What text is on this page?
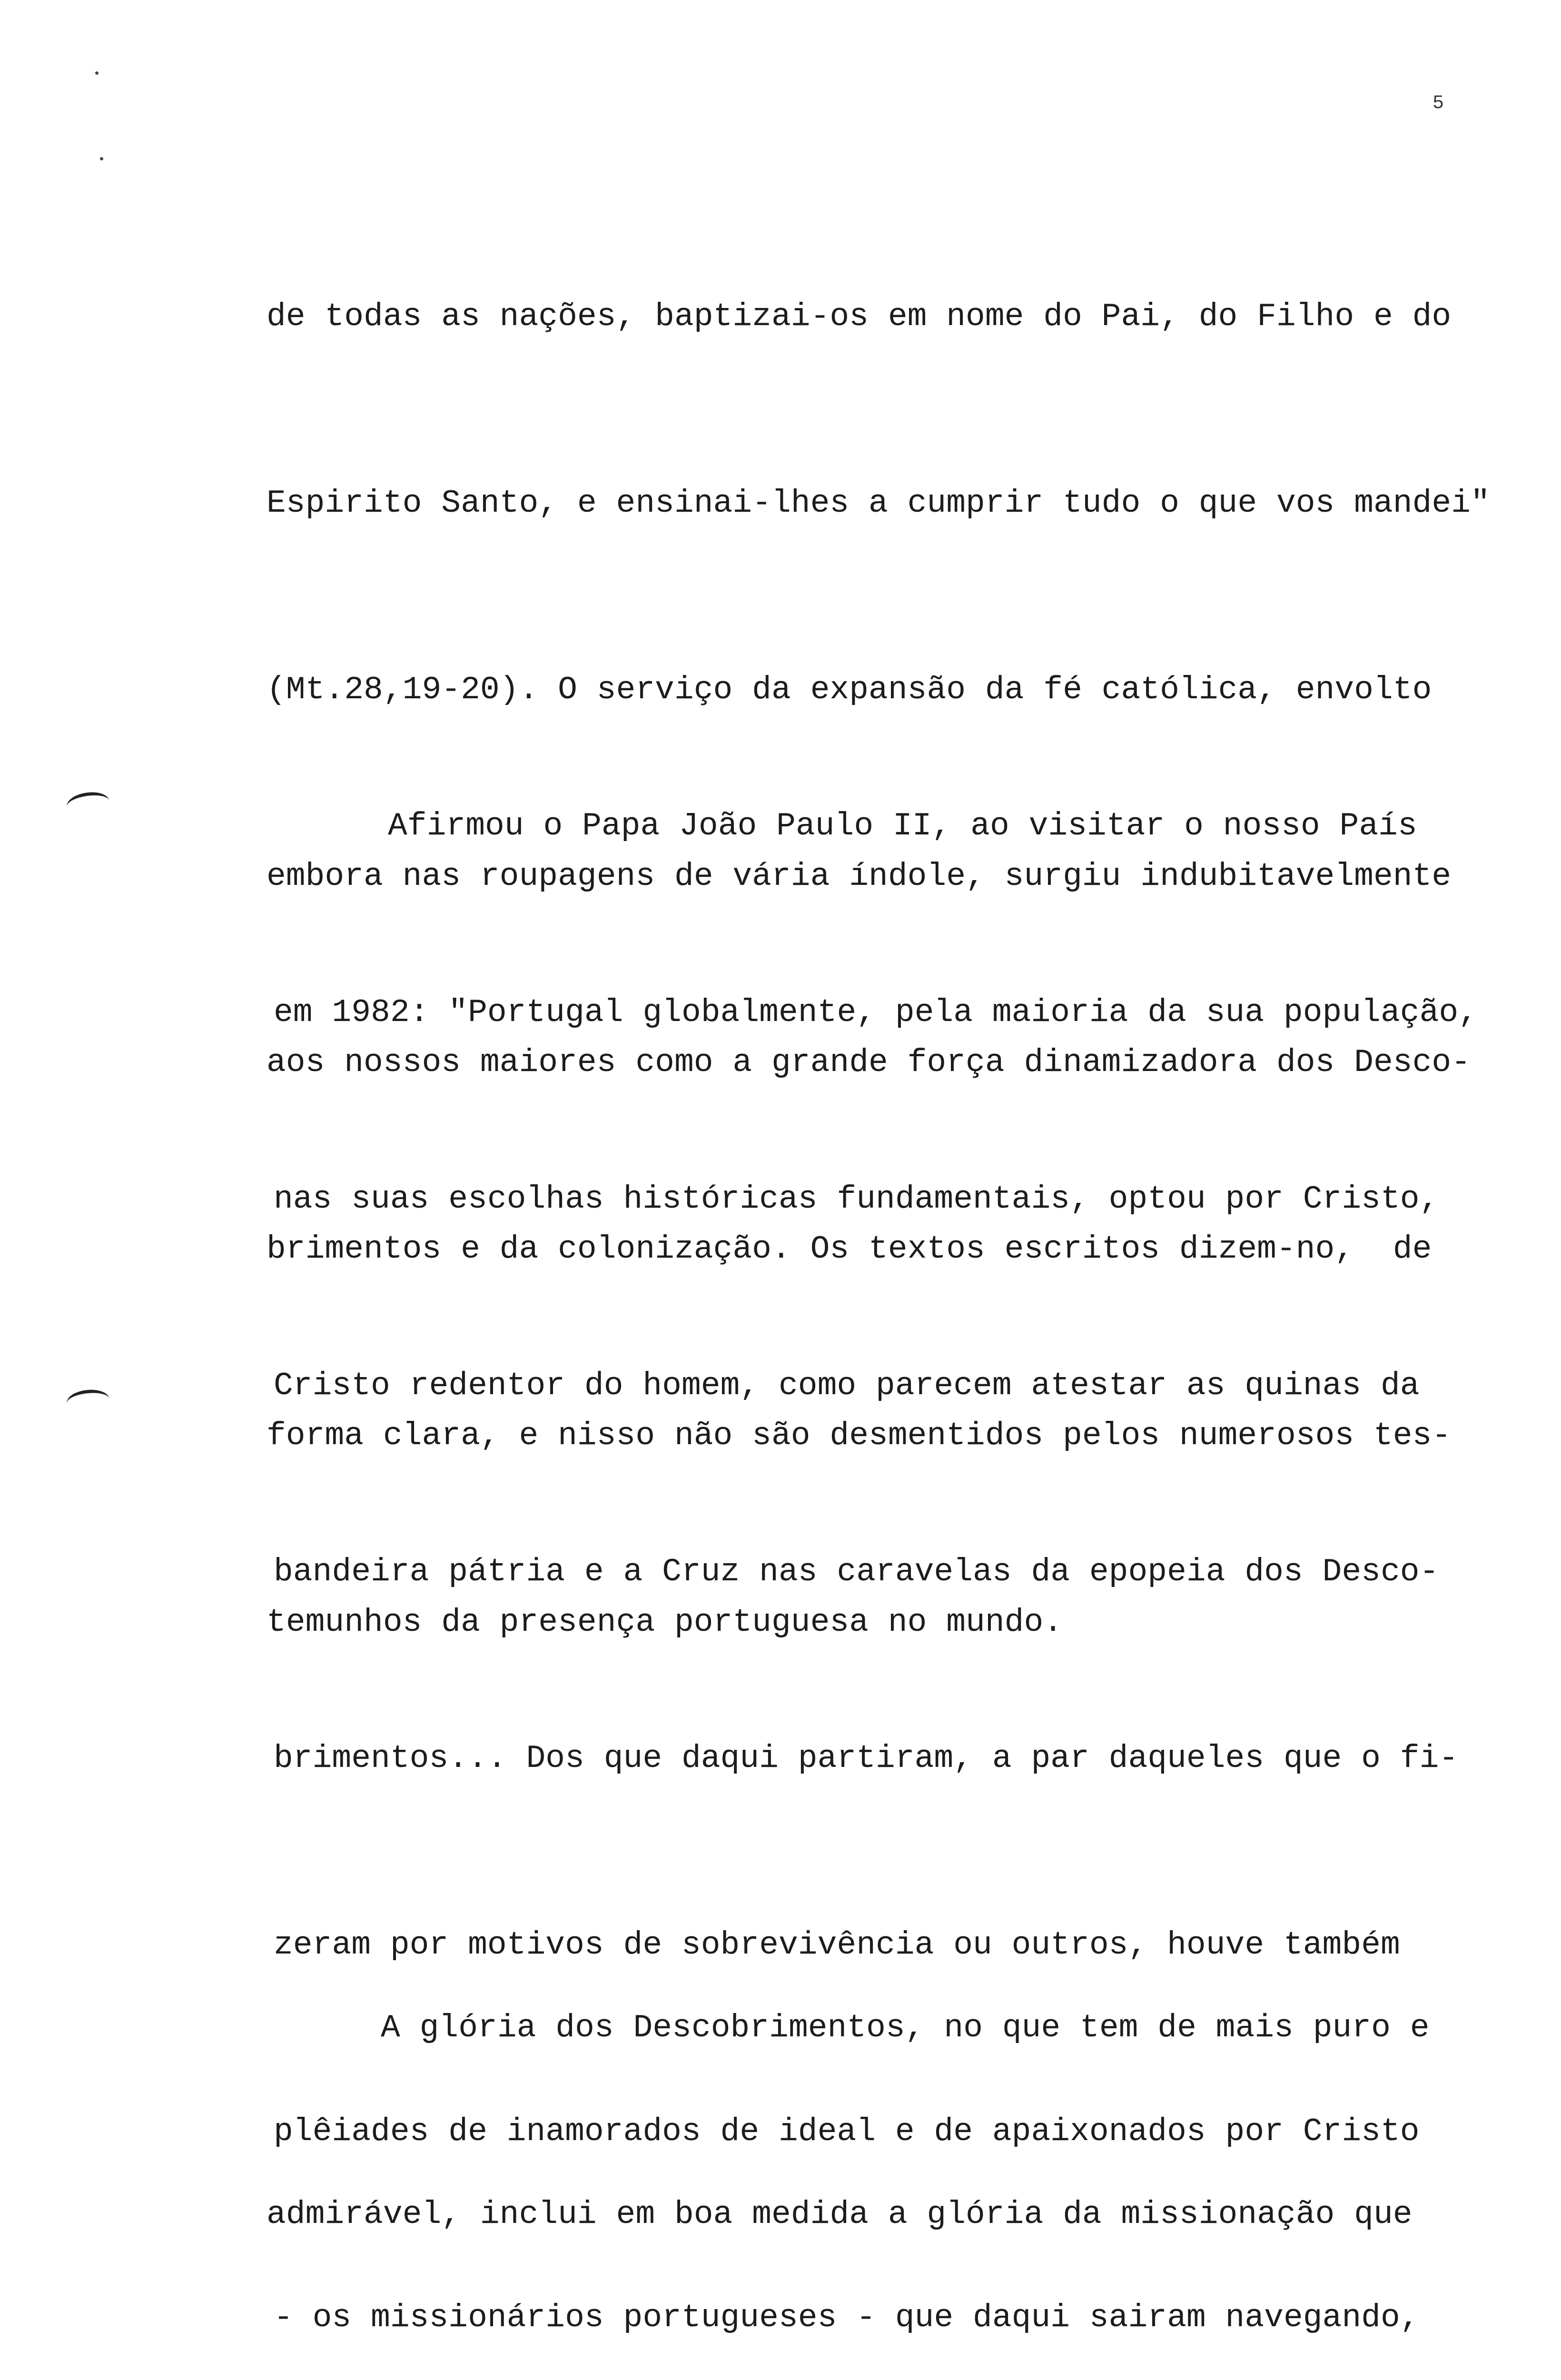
5

de todas as nações, baptizai-os em nome do Pai, do Filho e do

Espirito Santo, e ensinai-lhes a cumprir tudo o que vos mandei"

(Mt.28,19-20). O serviço da expansão da fé católica, envolto

embora nas roupagens de vária índole, surgiu indubitavelmente

aos nossos maiores como a grande força dinamizadora dos Desco-

brimentos e da colonização. Os textos escritos dizem-no,  de

forma clara, e nisso não são desmentidos pelos numerosos tes-

temunhos da presença portuguesa no mundo.

Afirmou o Papa João Paulo II, ao visitar o nosso País

em 1982: "Portugal globalmente, pela maioria da sua população,

nas suas escolhas históricas fundamentais, optou por Cristo,

Cristo redentor do homem, como parecem atestar as quinas da

bandeira pátria e a Cruz nas caravelas da epopeia dos Desco-

brimentos... Dos que daqui partiram, a par daqueles que o fi-

zeram por motivos de sobrevivência ou outros, houve também

plêiades de inamorados de ideal e de apaixonados por Cristo

- os missionários portugueses - que daqui sairam navegando,

A glória dos Descobrimentos, no que tem de mais puro e

admirável, inclui em boa medida a glória da missionação que
